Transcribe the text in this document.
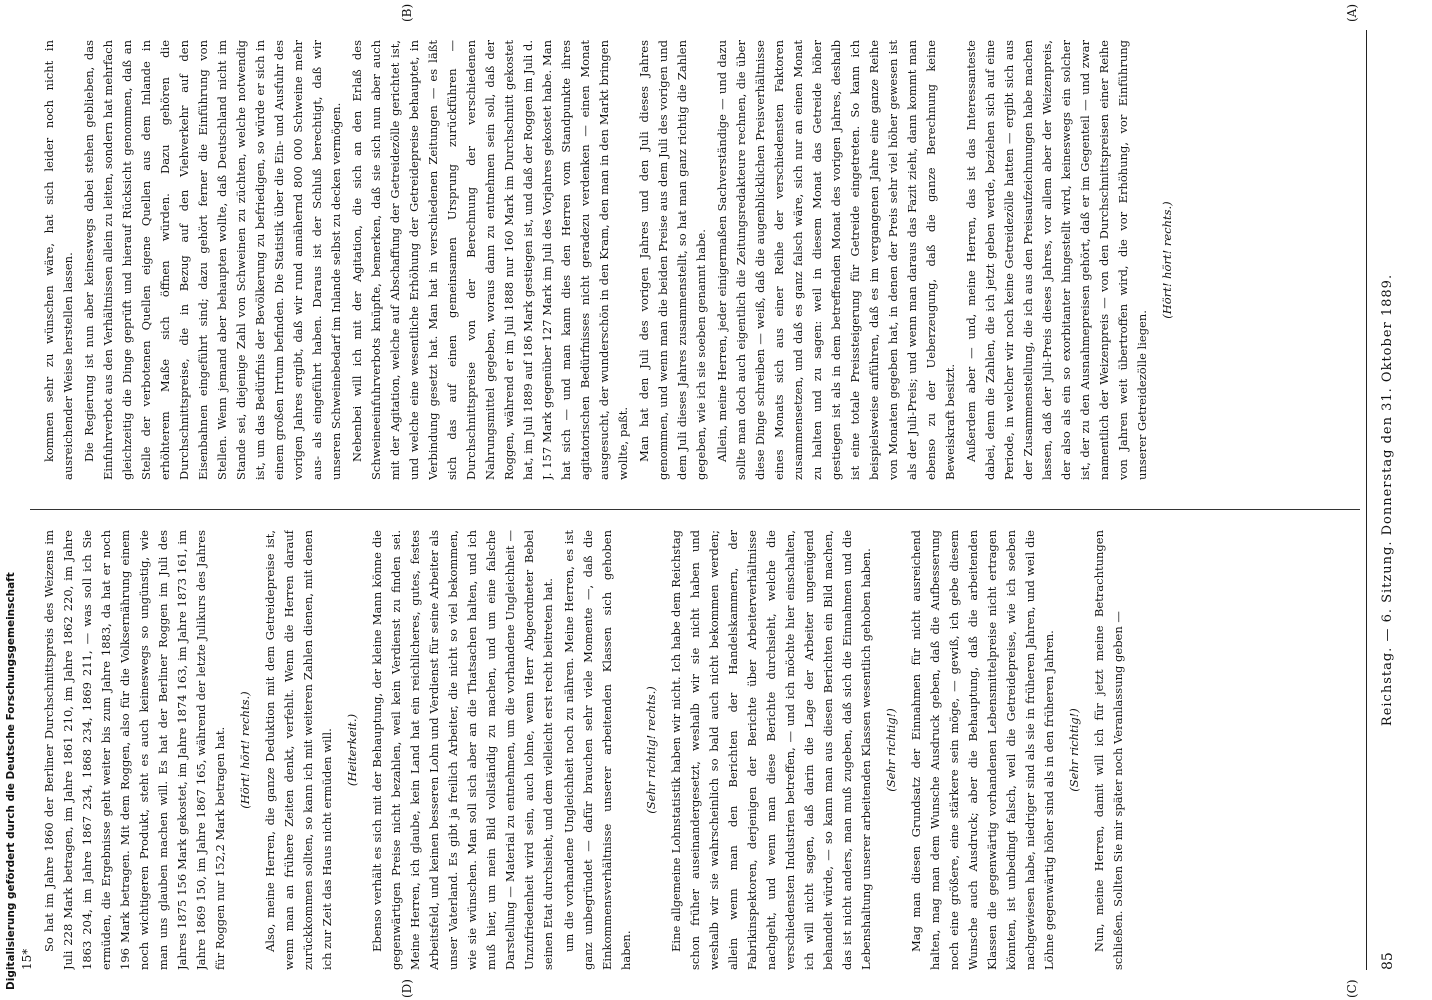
Digitalisierung gefördert durch die Deutsche Forschungsgemeinschaft	85
Reichstag. — 6. Sitzung. Donnerstag den 31. Oktober 1889.
(A)
(B)
(C)
(D)

kommen sehr zu wünschen wäre, hat sich leider noch nicht in ausreichender Weise herstellen lassen. Die Regierung ist nun aber keineswegs dabei stehen geblieben, das Einfuhrverbot aus den Verhältnissen allein zu leiten, sondern hat mehrfach gleichzeitig die Dinge geprüft und hierauf Rücksicht genommen, daß an Stelle der verbotenen Quellen eigene Quellen aus dem Inlande in erhöhterem Maße sich öffnen würden. Dazu gehören die Durchschnittspreise, die in Bezug auf den Viehverkehr auf den Eisenbahnen eingeführt sind; dazu gehört ferner die Einführung von Stellen. Wenn jemand aber behaupten wollte, daß Deutschland nicht im Stande sei, diejenige Zahl von Schweinen zu züchten, welche notwendig ist, um das Bedürfnis der Bevölkerung zu befriedigen, so würde er sich in einem großen Irrtum befinden. Die Statistik über die Ein- und Ausfuhr des vorigen Jahres ergibt, daß wir rund annähernd 800 000 Schweine mehr aus- als eingeführt haben. Daraus ist der Schluß berechtigt, daß wir unseren Schweinebedarf im Inlande selbst zu decken vermögen. Nebenbei will ich mit der Agitation, die sich an den Erlaß des Schweineeinfuhrverbots knüpfte, bemerken, daß sie sich nun aber auch mit der Agitation, welche auf Abschaffung der Getreidezölle gerichtet ist, und welche eine wesentliche Erhöhung der Getreidepreise behauptet, in Verbindung gesetzt hat. Man hat in verschiedenen Zeitungen — es läßt sich das auf einen gemeinsamen Ursprung zurückführen — Durchschnittspreise von der Berechnung der verschiedenen Nahrungsmittel gegeben, woraus dann zu entnehmen sein soll, daß der Roggen, während er im Juli 1888 nur 160 Mark im Durchschnitt gekostet hat, im Juli 1889 auf 186 Mark gestiegen ist, und daß der Roggen im Juli d. J. 157 Mark gegenüber 127 Mark im Juli des Vorjahres gekostet habe. Man hat sich — und man kann dies den Herren vom Standpunkte ihres agitatorischen Bedürfnisses nicht geradezu verdenken — einen Monat ausgesucht, der wunderschön in den Kram, den man in den Markt bringen wollte, paßt. Man hat den Juli des vorigen Jahres und den Juli dieses Jahres genommen, und wenn man die beiden Preise aus dem Juli des vorigen und dem Juli dieses Jahres zusammenstellt, so hat man ganz richtig die Zahlen gegeben, wie ich sie soeben genannt habe. Allein, meine Herren, jeder einigermaßen Sachverständige — und dazu sollte man doch auch eigentlich die Zeitungsredakteure rechnen, die über diese Dinge schreiben — weiß, daß die augenblicklichen Preisverhältnisse eines Monats sich aus einer Reihe der verschiedensten Faktoren zusammensetzen, und daß es ganz falsch wäre, sich nur an einen Monat zu halten und zu sagen: weil in diesem Monat das Getreide höher gestiegen ist als in dem betreffenden Monat des vorigen Jahres, deshalb ist eine totale Preissteigerung für Getreide eingetreten. So kann ich beispielsweise anführen, daß es im vergangenen Jahre eine ganze Reihe von Monaten gegeben hat, in denen der Preis sehr viel höher gewesen ist als der Juli-Preis; und wenn man daraus das Fazit zieht, dann kommt man ebenso zu der Ueberzeugung, daß die ganze Berechnung keine Beweiskraft besitzt. Außerdem aber — und, meine Herren, das ist das Interessanteste dabei, denn die Zahlen, die ich jetzt geben werde, beziehen sich auf eine Periode, in welcher wir noch keine Getreidezölle hatten — ergibt sich aus der Zusammenstellung, die ich aus den Preisaufzeichnungen habe machen lassen, daß der Juli-Preis dieses Jahres, vor allem aber der Weizenpreis, der also als ein so exorbitanter hingestellt wird, keineswegs ein solcher ist, der zu den Ausnahmepreisen gehört, daß er im Gegenteil — und zwar namentlich der Weizenpreis — von den Durchschnittspreisen einer Reihe von Jahren weit übertroffen wird, die vor Erhöhung, vor Einführung unserer Getreidezölle liegen.

(Hört! hört! rechts.)

So hat im Jahre 1860 der Berliner Durchschnittspreis des Weizens im Juli 228 Mark betragen, im Jahre 1861 210, im Jahre 1862 220, im Jahre 1863 204, im Jahre 1867 234, 1868 234, 1869 211, — was soll ich Sie ermüden, die Ergebnisse geht weiter bis zum Jahre 1883, da hat er noch 196 Mark betragen. Mit dem Roggen, also für die Volksernährung einem noch wichtigeren Produkt, steht es auch keineswegs so ungünstig, wie man uns glauben machen will. Es hat der Berliner Roggen im Juli des Jahres 1875 156 Mark gekostet, im Jahre 1874 163, im Jahre 1873 161, im Jahre 1869 150, im Jahre 1867 165, während der letzte Julikurs des Jahres für Roggen nur 152,2 Mark betragen hat. (Hört! hört! rechts.) Also, meine Herren, die ganze Deduktion mit dem Getreidepreise ist, wenn man an frühere Zeiten denkt, verfehlt. Wenn die Herren darauf zurückkommen sollten, so kann ich mit weiteren Zahlen dienen, mit denen ich zur Zeit das Haus nicht ermüden will. (Heiterkeit.) Ebenso verhält es sich mit der Behauptung, der kleine Mann könne die gegenwärtigen Preise nicht bezahlen, weil kein Verdienst zu finden sei. Meine Herren, ich glaube, kein Land hat ein reichlicheres, gutes, festes Arbeitsfeld, und keinen besseren Lohn und Verdienst für seine Arbeiter als unser Vaterland. Es gibt ja freilich Arbeiter, die nicht so viel bekommen, wie sie wünschen. Man soll sich aber an die Thatsachen halten, und ich muß hier, um mein Bild vollständig zu machen, und um eine falsche Darstellung — Material zu entnehmen, um die vorhandene Ungleichheit — Unzufriedenheit wird sein, auch lohne, wenn Herr Abgeordneter Bebel seinen Etat durchsieht, und dem vielleicht erst recht beitreten hat. um die vorhandene Ungleichheit noch zu nähren. Meine Herren, es ist ganz unbegründet — dafür brauchen sehr viele Momente —, daß die Einkommensverhältnisse unserer arbeitenden Klassen sich gehoben haben.

(Sehr richtig! rechts.) Eine allgemeine Lohnstatistik haben wir nicht. Ich habe dem Reichstag schon früher auseinandergesetzt, weshalb wir sie nicht haben und weshalb wir sie wahrscheinlich so bald auch nicht bekommen werden; allein wenn man den Berichten der Handelskammern, der Fabrikinspektoren, derjenigen der Berichte über Arbeiterverhältnisse nachgeht, und wenn man diese Berichte durchsieht, welche die verschiedensten Industrien betreffen, — und ich möchte hier einschalten, ich will nicht sagen, daß darin die Lage der Arbeiter ungenügend behandelt würde, — so kann man aus diesen Berichten ein Bild machen, das ist nicht anders, man muß zugeben, daß sich die Einnahmen und die Lebenshaltung unserer arbeitenden Klassen wesentlich gehoben haben. (Sehr richtig!) Mag man diesen Grundsatz der Einnahmen für nicht ausreichend halten, mag man dem Wunsche Ausdruck geben, daß die Aufbesserung noch eine größere, eine stärkere sein möge, — gewiß, ich gebe diesem Wunsche auch Ausdruck; aber die Behauptung, daß die arbeitenden Klassen die gegenwärtig vorhandenen Lebensmittelpreise nicht ertragen könnten, ist unbedingt falsch, weil die Getreidepreise, wie ich soeben nachgewiesen habe, niedriger sind als sie in früheren Jahren, und weil die Löhne gegenwärtig höher sind als in den früheren Jahren. (Sehr richtig!) Nun, meine Herren, damit will ich für jetzt meine Betrachtungen schließen. Sollten Sie mir später noch Veranlassung geben —

15*
